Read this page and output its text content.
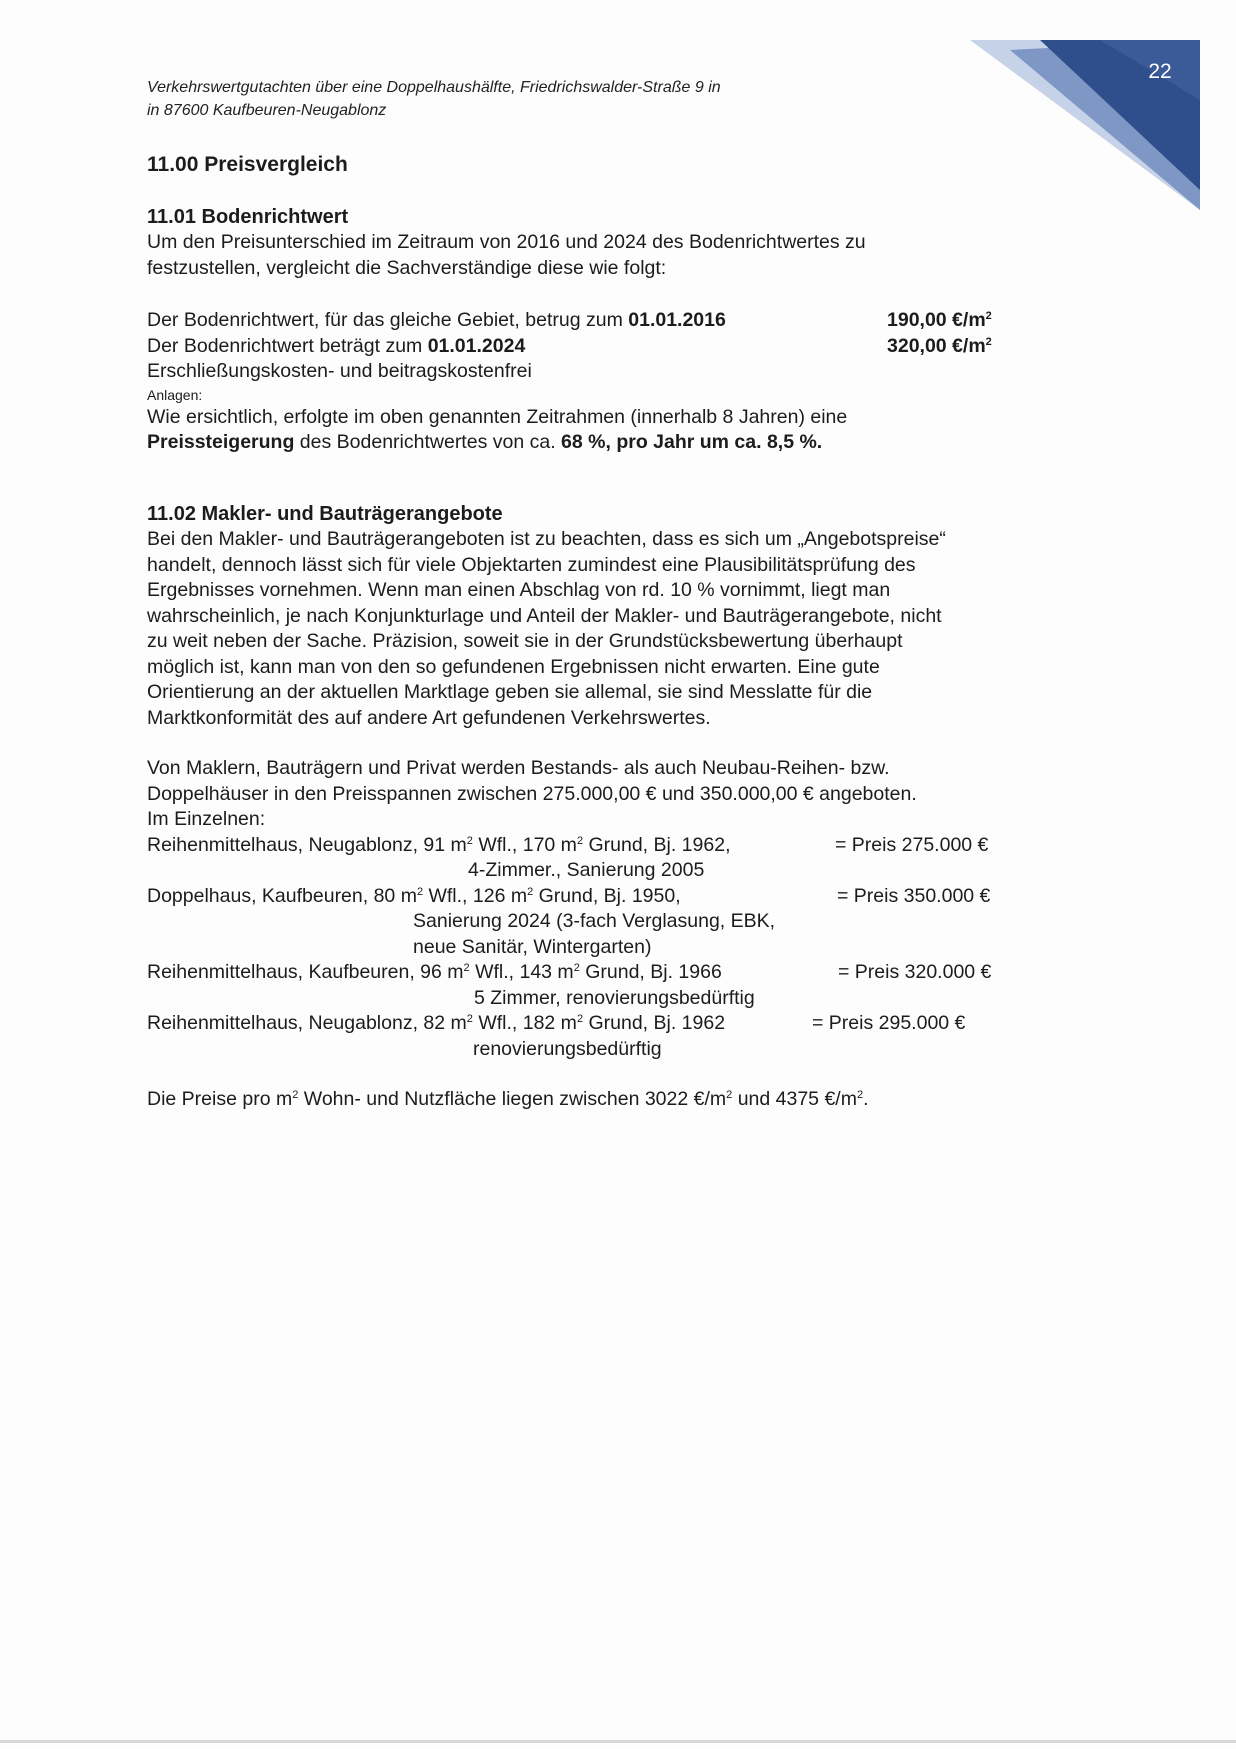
22
Verkehrswertgutachten über eine Doppelhaushälfte, Friedrichswalder-Straße 9 in
in 87600 Kaufbeuren-Neugablonz
11.00 Preisvergleich
11.01 Bodenrichtwert

Um den Preisunterschied im Zeitraum von 2016 und 2024 des Bodenrichtwertes zu

festzustellen, vergleicht die Sachverständige diese wie folgt:

Der Bodenrichtwert, für das gleiche Gebiet, betrug zum 01.01.2016	190,00 $€/m^2$
Der Bodenrichtwert beträgt zum 01.01.2024	320,00 $€/m^2$

Erschließungskosten- und beitragskostenfrei

Anlagen:

Wie ersichtlich, erfolgte im oben genannten Zeitrahmen (innerhalb 8 Jahren) eine

Preissteigerung des Bodenrichtwertes von ca. 68 %, pro Jahr um ca. 8,5 %.

11.02 Makler- und Bauträgerangebote

Bei den Makler- und Bauträgerangeboten ist zu beachten, dass es sich um „Angebotspreise“

handelt, dennoch lässt sich für viele Objektarten zumindest eine Plausibilitätsprüfung des

Ergebnisses vornehmen. Wenn man einen Abschlag von rd. 10 % vornimmt, liegt man

wahrscheinlich, je nach Konjunkturlage und Anteil der Makler- und Bauträgerangebote, nicht

zu weit neben der Sache. Präzision, soweit sie in der Grundstücksbewertung überhaupt

möglich ist, kann man von den so gefundenen Ergebnissen nicht erwarten. Eine gute

Orientierung an der aktuellen Marktlage geben sie allemal, sie sind Messlatte für die

Marktkonformität des auf andere Art gefundenen Verkehrswertes.

Von Maklern, Bauträgern und Privat werden Bestands- als auch Neubau-Reihen- bzw.

Doppelhäuser in den Preisspannen zwischen 275.000,00 € und 350.000,00 € angeboten.

Im Einzelnen:

Reihenmittelhaus, Neugablonz, 91 $m^2$ Wfl., 170 $m^2$ Grund, Bj. 1962,	= Preis 275.000 €

4-Zimmer., Sanierung 2005

Doppelhaus, Kaufbeuren, 80 $m^2$ Wfl., 126 $m^2$ Grund, Bj. 1950,	= Preis 350.000 €

Sanierung 2024 (3-fach Verglasung, EBK,

neue Sanitär, Wintergarten)

Reihenmittelhaus, Kaufbeuren, 96 $m^2$ Wfl., 143 $m^2$ Grund, Bj. 1966	= Preis 320.000 €

5 Zimmer, renovierungsbedürftig

Reihenmittelhaus, Neugablonz, 82 $m^2$ Wfl., 182 $m^2$ Grund, Bj. 1962	= Preis 295.000 €

renovierungsbedürftig

Die Preise pro $m^2$ Wohn- und Nutzfläche liegen zwischen 3022 $€/m^2$ und 4375 $€/m^2$.
